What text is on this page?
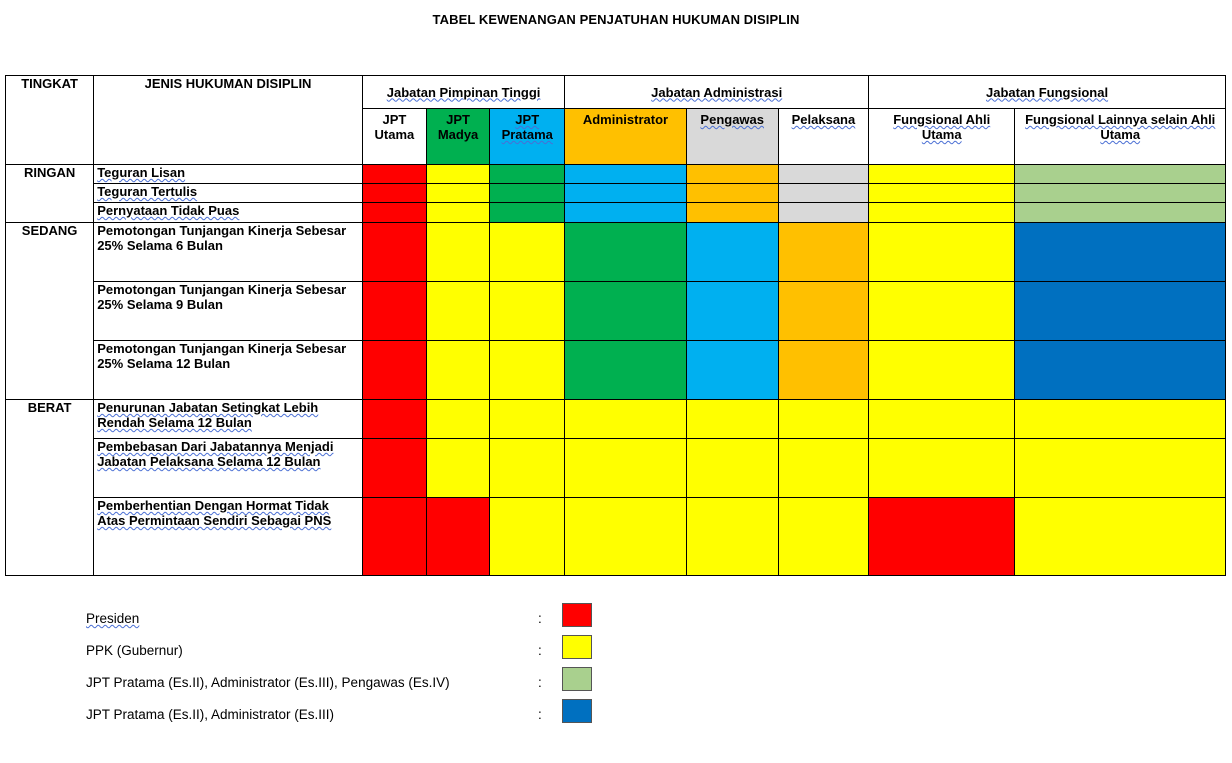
TABEL KEWENANGAN PENJATUHAN HUKUMAN DISIPLIN
TINGKAT	JENIS HUKUMAN DISIPLIN	Jabatan Pimpinan Tinggi			Jabatan Administrasi			Jabatan Fungsional	
		JPT Utama	JPT Madya	JPT Pratama	Administrator	Pengawas	Pelaksana	Fungsional Ahli Utama	Fungsional Lainnya selain Ahli Utama
RINGAN	Teguran Lisan								
	Teguran Tertulis								
	Pernyataan Tidak Puas								
SEDANG	Pemotongan Tunjangan Kinerja Sebesar 25% Selama 6 Bulan								
	Pemotongan Tunjangan Kinerja Sebesar 25% Selama 9 Bulan								
	Pemotongan Tunjangan Kinerja Sebesar 25% Selama 12 Bulan								
BERAT	Penurunan Jabatan Setingkat Lebih Rendah Selama 12 Bulan								
	Pembebasan Dari Jabatannya Menjadi Jabatan Pelaksana Selama 12 Bulan								
	Pemberhentian Dengan Hormat Tidak Atas Permintaan Sendiri Sebagai PNS								
Presiden	:
PPK (Gubernur)	:
JPT Pratama (Es.II), Administrator (Es.III), Pengawas (Es.IV)	:
JPT Pratama (Es.II), Administrator (Es.III)	:
